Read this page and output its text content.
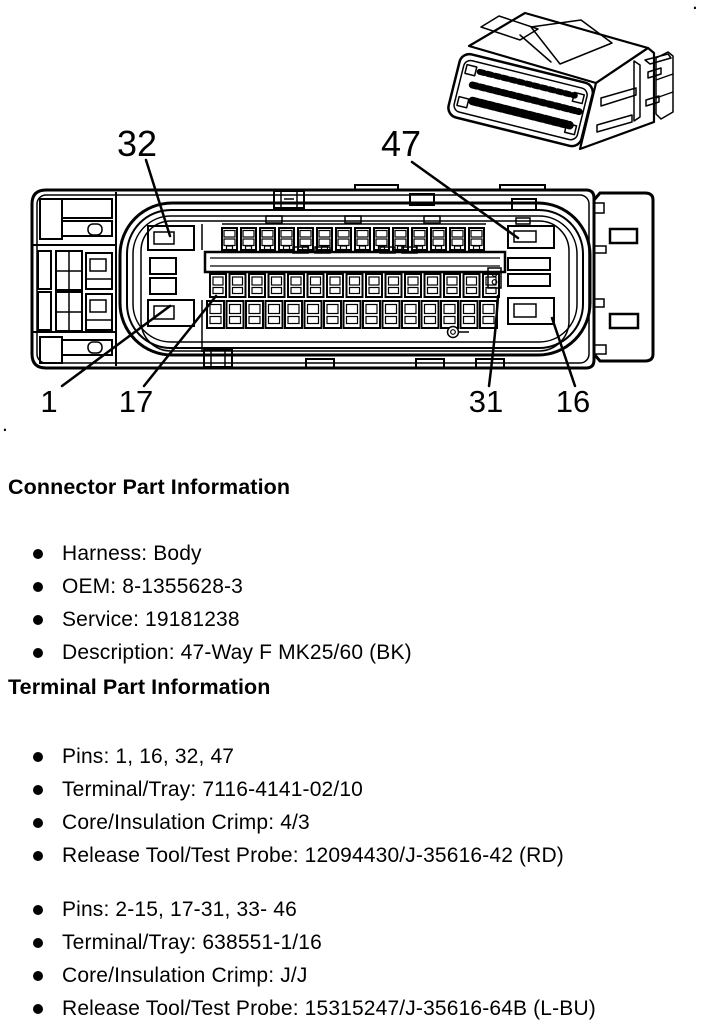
32	47
1 17	31 16
.
.
Connector Part Information
Harness: Body
OEM: 8-1355628-3
Service: 19181238
Description: 47-Way F MK25/60 (BK)
Terminal Part Information
Pins: 1, 16, 32, 47
Terminal/Tray: 7116-4141-02/10
Core/Insulation Crimp: 4/3
Release Tool/Test Probe: 12094430/J-35616-42 (RD)
Pins: 2-15, 17-31, 33- 46
Terminal/Tray: 638551-1/16
Core/Insulation Crimp: J/J
Release Tool/Test Probe: 15315247/J-35616-64B (L-BU)
